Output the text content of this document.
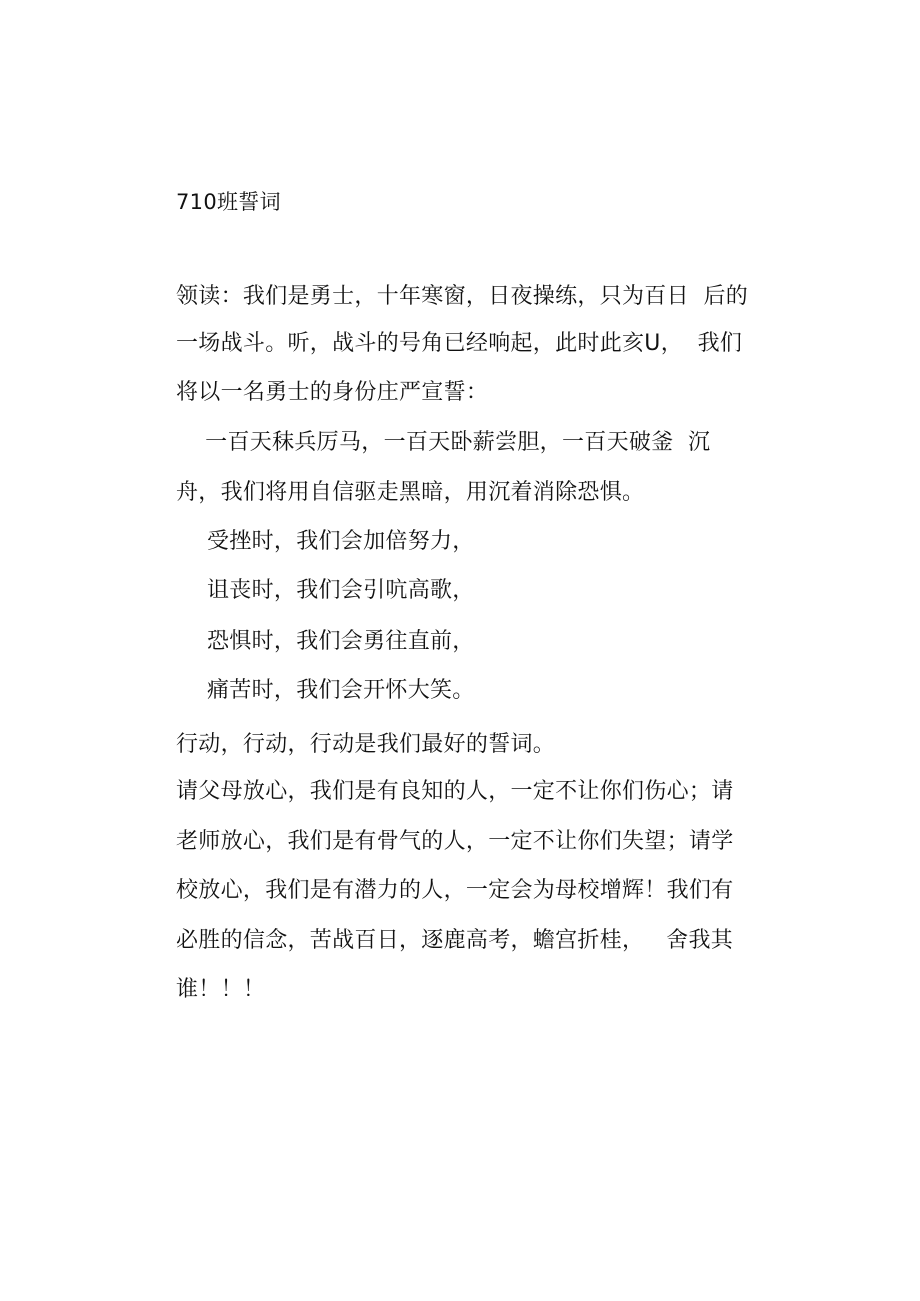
710班誓词
领读：我们是勇士，十年寒窗，日夜操练，只为百日  后的
一场战斗。听，战斗的号角已经响起，此时此亥U，  我们
将以一名勇士的身份庄严宣誓：
一百天秣兵厉马，一百天卧薪尝胆，一百天破釜  沉
舟，我们将用自信驱走黑暗，用沉着消除恐惧。
受挫时，我们会加倍努力，
诅丧时，我们会引吭高歌，
恐惧时，我们会勇往直前，
痛苦时，我们会开怀大笑。
行动，行动，行动是我们最好的誓词。
请父母放心，我们是有良知的人，一定不让你们伤心；请
老师放心，我们是有骨气的人，一定不让你们失望；请学
校放心，我们是有潜力的人，一定会为母校增辉！我们有
必胜的信念，苦战百日，逐鹿高考，蟾宫折桂，   舍我其
谁！！！
